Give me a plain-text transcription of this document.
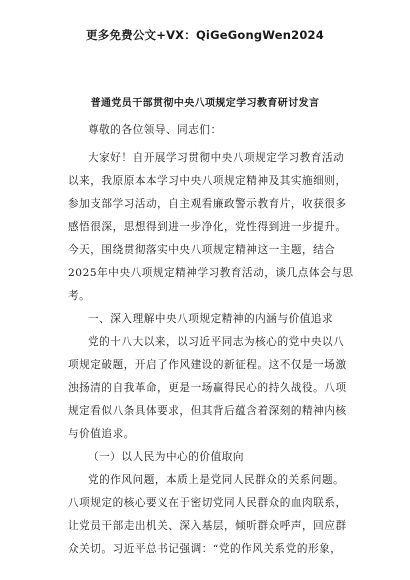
更多免费公文+VX：QiGeGongWen2024
普通党员干部贯彻中央八项规定学习教育研讨发言
尊敬的各位领导、同志们：
大家好！自开展学习贯彻中央八项规定学习教育活动
以来，我原原本本学习中央八项规定精神及其实施细则，
参加支部学习活动，自主观看廉政警示教育片，收获很多
感悟很深，思想得到进一步净化，党性得到进一步提升。
今天，围绕贯彻落实中央八项规定精神这一主题，结合
2025年中央八项规定精神学习教育活动，谈几点体会与思
考。
一、深入理解中央八项规定精神的内涵与价值追求
党的十八大以来，以习近平同志为核心的党中央以八
项规定破题，开启了作风建设的新征程。这不仅是一场激
浊扬清的自我革命，更是一场赢得民心的持久战役。八项
规定看似八条具体要求，但其背后蕴含着深刻的精神内核
与价值追求。
（一）以人民为中心的价值取向
党的作风问题，本质上是党同人民群众的关系问题。
八项规定的核心要义在于密切党同人民群众的血肉联系，
让党员干部走出机关、深入基层，倾听群众呼声，回应群
众关切。习近平总书记强调：“党的作风关系党的形象，
